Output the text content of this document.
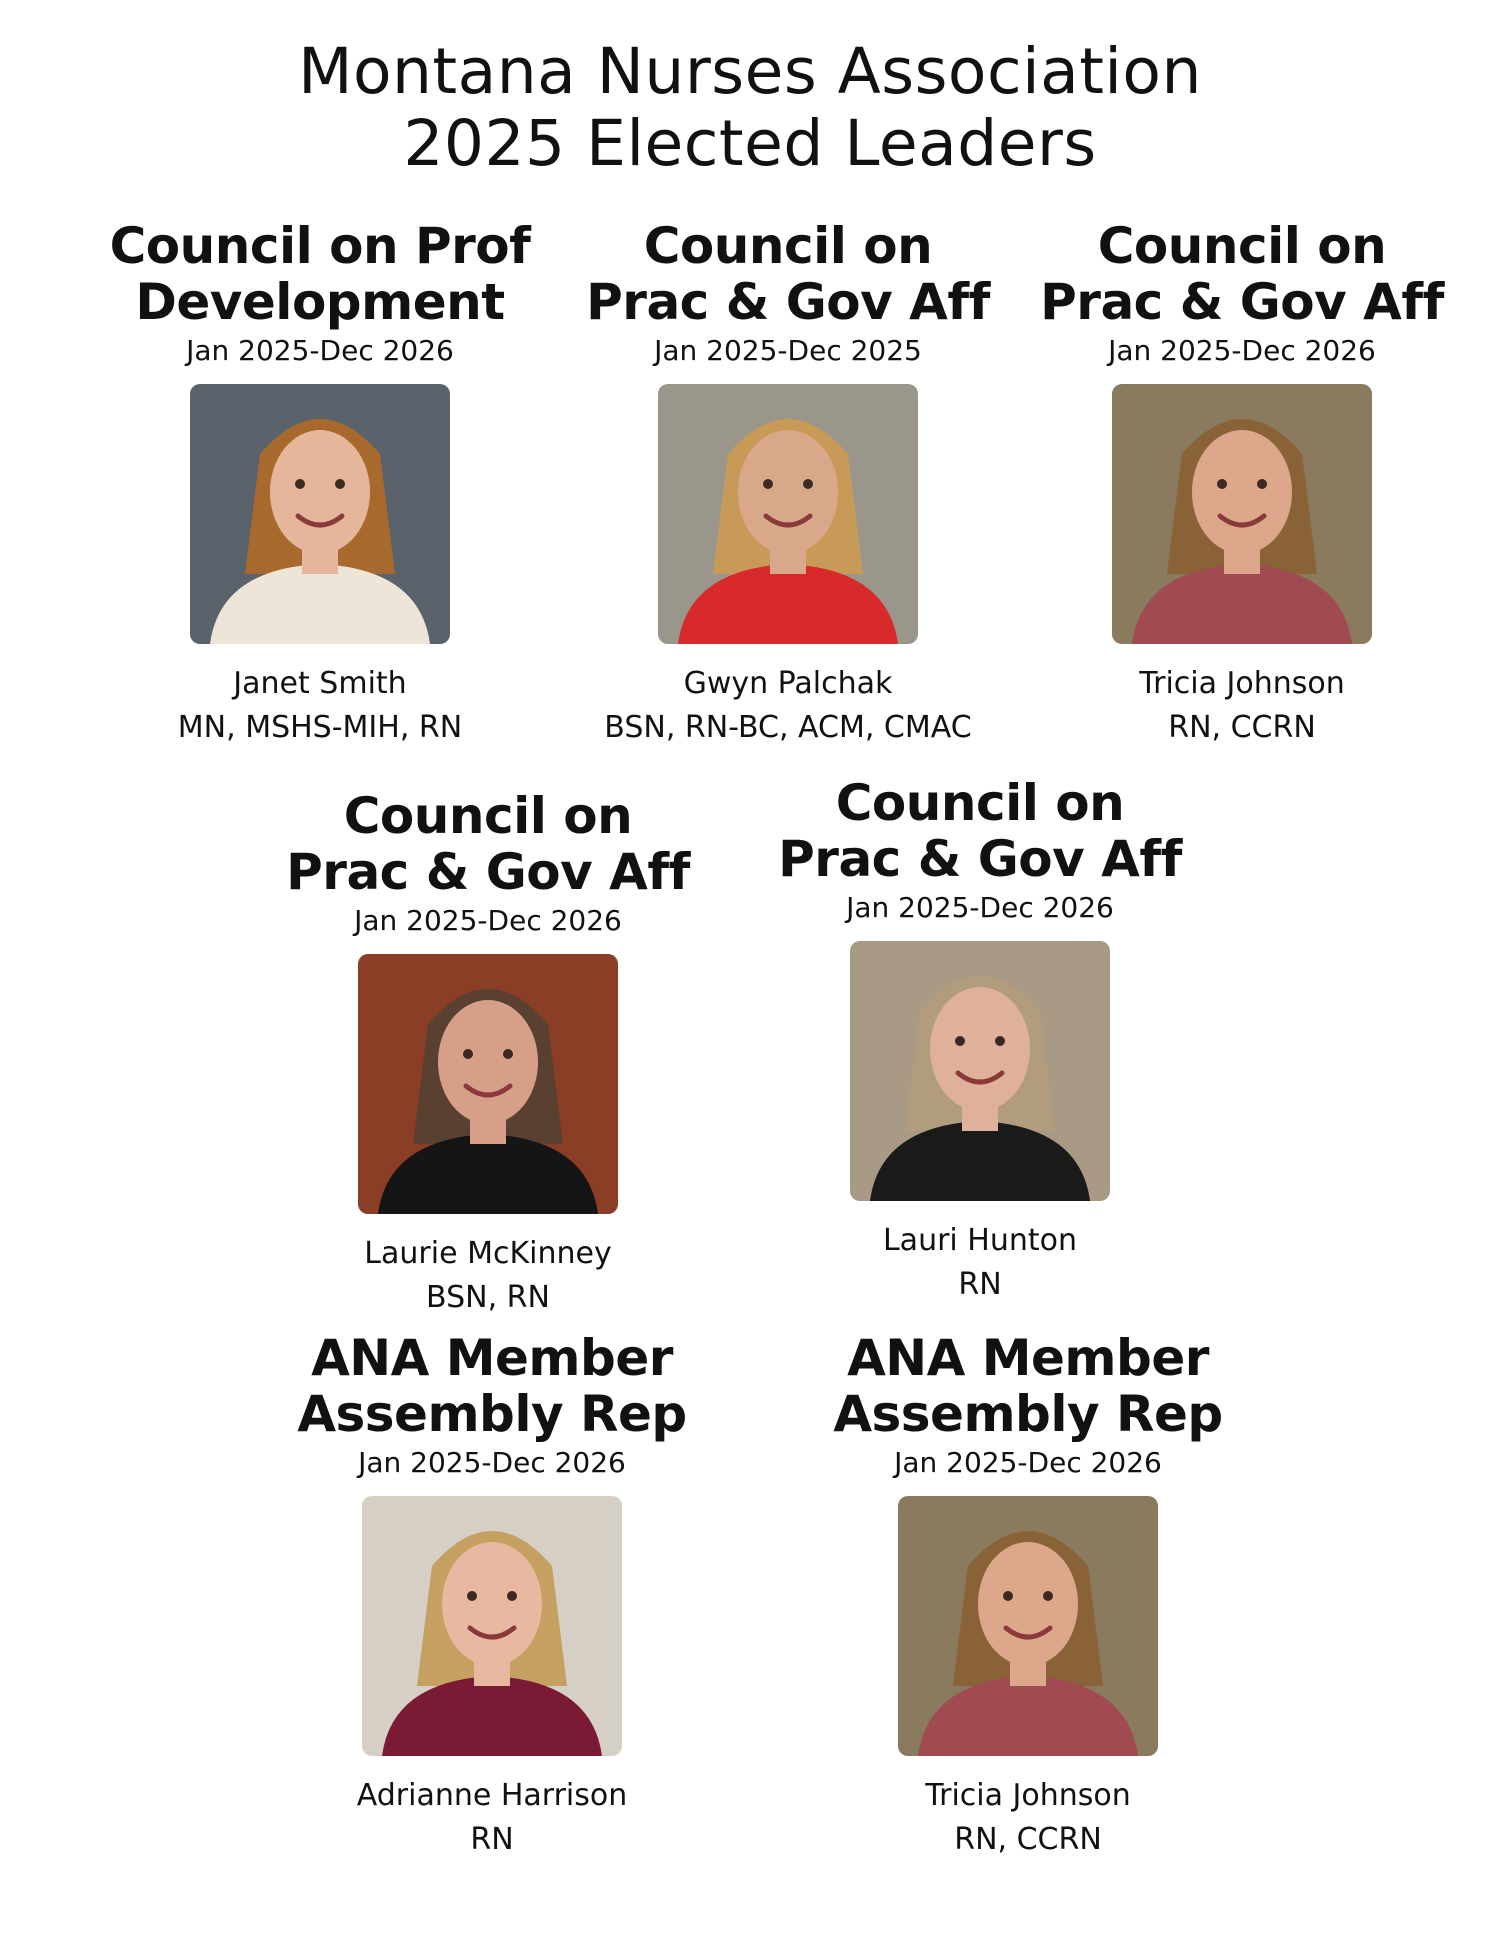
Montana Nurses Association
2025 Elected Leaders
Council on Prof
Development
Jan 2025-Dec 2026
Janet Smith
MN, MSHS-MIH, RN
Council on
Prac & Gov Aff
Jan 2025-Dec 2025
Gwyn Palchak
BSN, RN-BC, ACM, CMAC
Council on
Prac & Gov Aff
Jan 2025-Dec 2026
Tricia Johnson
RN, CCRN
Council on
Prac & Gov Aff
Jan 2025-Dec 2026
Laurie McKinney
BSN, RN
Council on
Prac & Gov Aff
Jan 2025-Dec 2026
Lauri Hunton
RN
ANA Member
Assembly Rep
Jan 2025-Dec 2026
Adrianne Harrison
RN
ANA Member
Assembly Rep
Jan 2025-Dec 2026
Tricia Johnson
RN, CCRN
